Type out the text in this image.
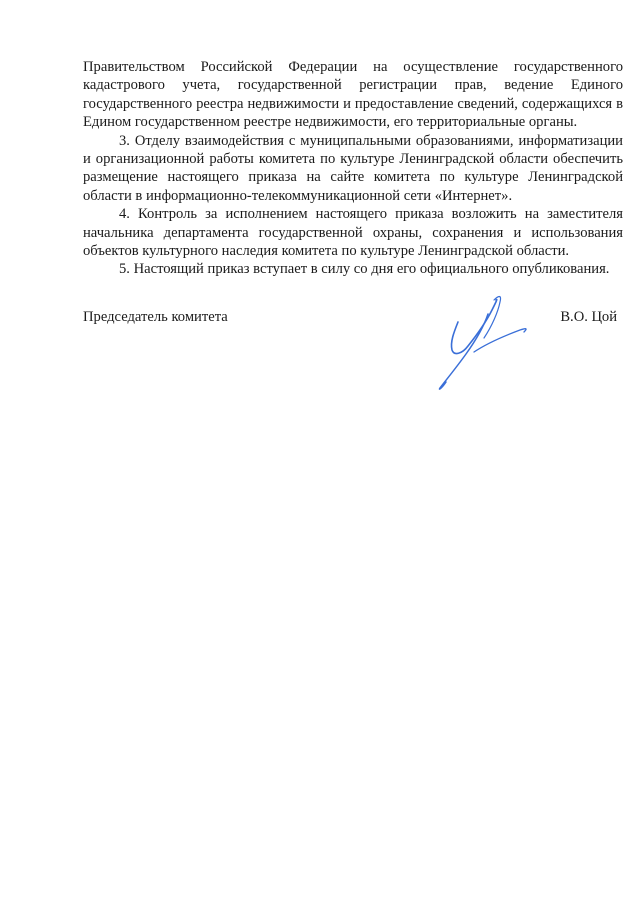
Правительством Российской Федерации на осуществление государственного кадастрового учета, государственной регистрации прав, ведение Единого государственного реестра недвижимости и предоставление сведений, содержащихся в Едином государственном реестре недвижимости, его территориальные органы.

3. Отделу взаимодействия с муниципальными образованиями, информатизации и организационной работы комитета по культуре Ленинградской области обеспечить размещение настоящего приказа на сайте комитета по культуре Ленинградской области в информационно-телекоммуникационной сети «Интернет».

4. Контроль за исполнением настоящего приказа возложить на заместителя начальника департамента государственной охраны, сохранения и использования объектов культурного наследия комитета по культуре Ленинградской области.

5. Настоящий приказ вступает в силу со дня его официального опубликования.

Председатель комитета	В.О. Цой
